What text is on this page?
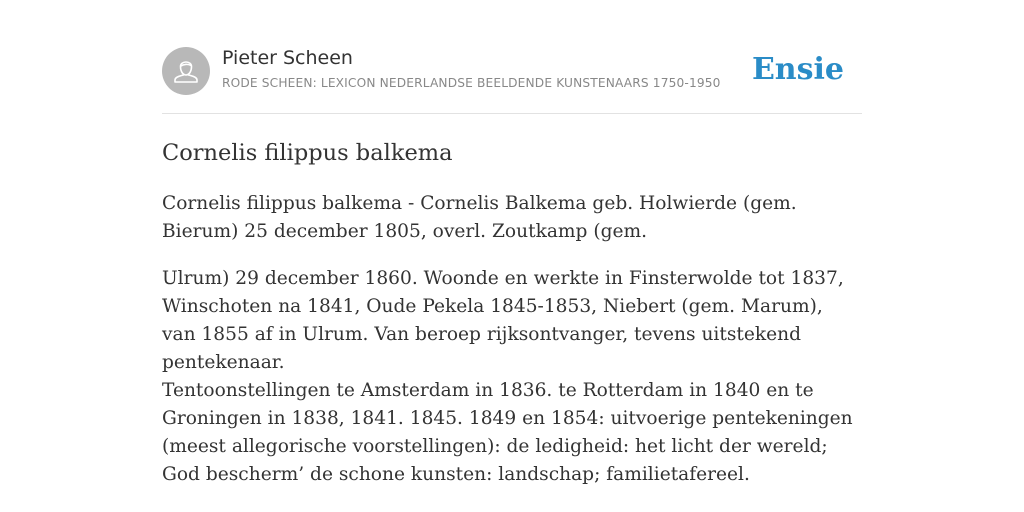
Pieter Scheen
RODE SCHEEN: LEXICON NEDERLANDSE BEELDENDE KUNSTENAARS 1750-1950 Ensie
Cornelis filippus balkema

Cornelis filippus balkema - Cornelis Balkema geb. Holwierde (gem. Bierum) 25 december 1805, overl. Zoutkamp (gem.

Ulrum) 29 december 1860. Woonde en werkte in Finsterwolde tot 1837, Winschoten na 1841, Oude Pekela 1845-1853, Niebert (gem. Marum), van 1855 af in Ulrum. Van beroep rijksontvanger, tevens uitstekend pentekenaar.

Tentoonstellingen te Amsterdam in 1836. te Rotterdam in 1840 en te Groningen in 1838, 1841. 1845. 1849 en 1854: uitvoerige pentekeningen (meest allegorische voorstellingen): de ledigheid: het licht der wereld; God bescherm’ de schone kunsten: landschap; familietafereel.
